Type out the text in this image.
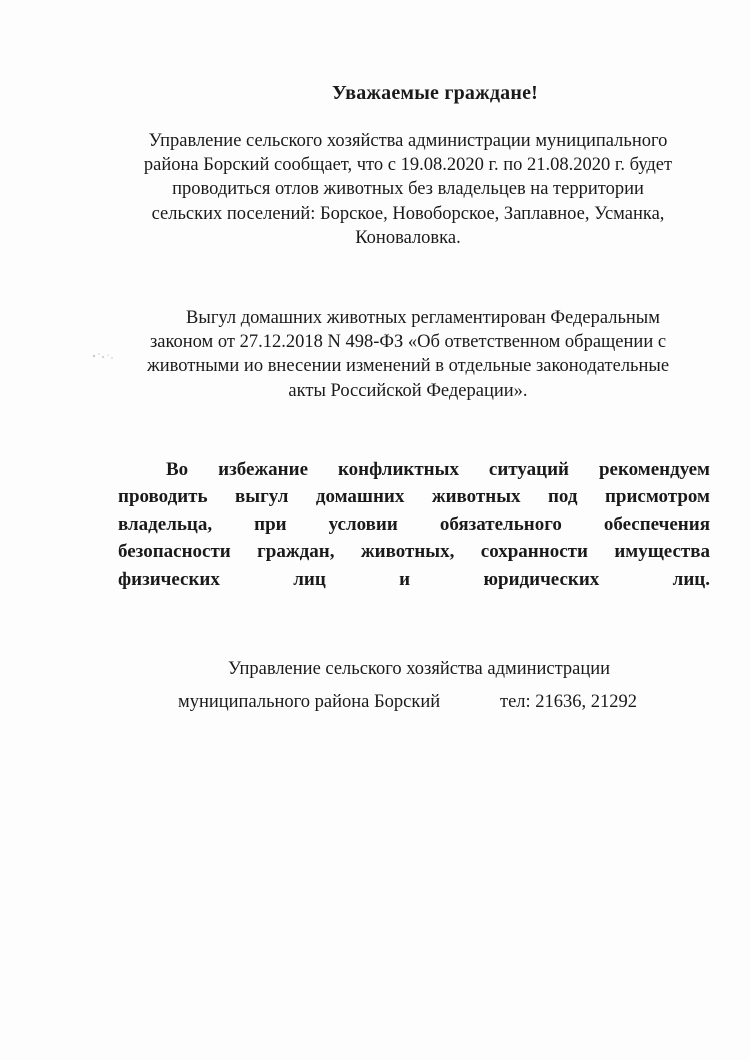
Уважаемые граждане!
Управление сельского хозяйства администрации муниципального
района Борский сообщает, что с 19.08.2020 г. по 21.08.2020 г. будет
проводиться отлов животных без владельцев на территории
сельских поселений: Борское, Новоборское, Заплавное, Усманка,
Коноваловка.
Выгул домашних животных регламентирован Федеральным
законом от 27.12.2018 N 498-ФЗ «Об ответственном обращении с
животными ио внесении изменений в отдельные законодательные
акты Российской Федерации».
Во избежание конфликтных ситуаций рекомендуем
проводить выгул домашних животных под присмотром
владельца, при условии обязательного обеспечения
безопасности граждан, животных, сохранности имущества
физических	лиц	и	юридических	лиц.
Управление сельского хозяйства администрации
муниципального района Борский	тел: 21636, 21292
